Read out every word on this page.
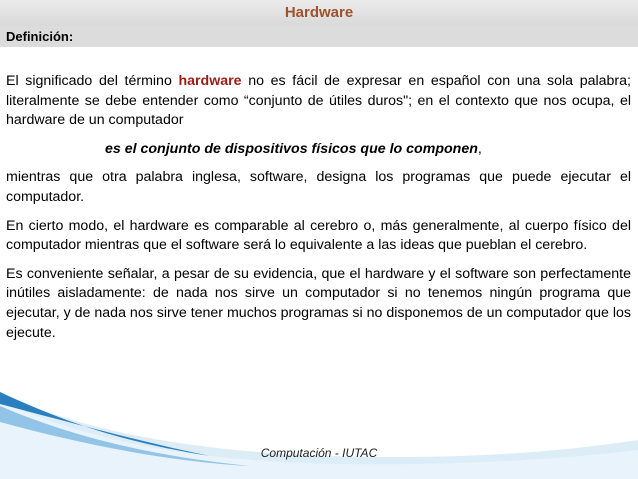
Hardware
Definición:

El significado del término hardware no es fácil de expresar en español con una sola palabra; literalmente se debe entender como “conjunto de útiles duros"; en el contexto que nos ocupa, el hardware de un computador

es el conjunto de dispositivos físicos que lo componen,

mientras que otra palabra inglesa, software, designa los programas que puede ejecutar el computador.

En cierto modo, el hardware es comparable al cerebro o, más generalmente, al cuerpo físico del computador mientras que el software será lo equivalente a las ideas que pueblan el cerebro.

Es conveniente señalar, a pesar de su evidencia, que el hardware y el software son perfectamente inútiles aisladamente: de nada nos sirve un computador si no tenemos ningún programa que ejecutar, y de nada nos sirve tener muchos programas si no disponemos de un computador que los ejecute.

Computación - IUTAC
